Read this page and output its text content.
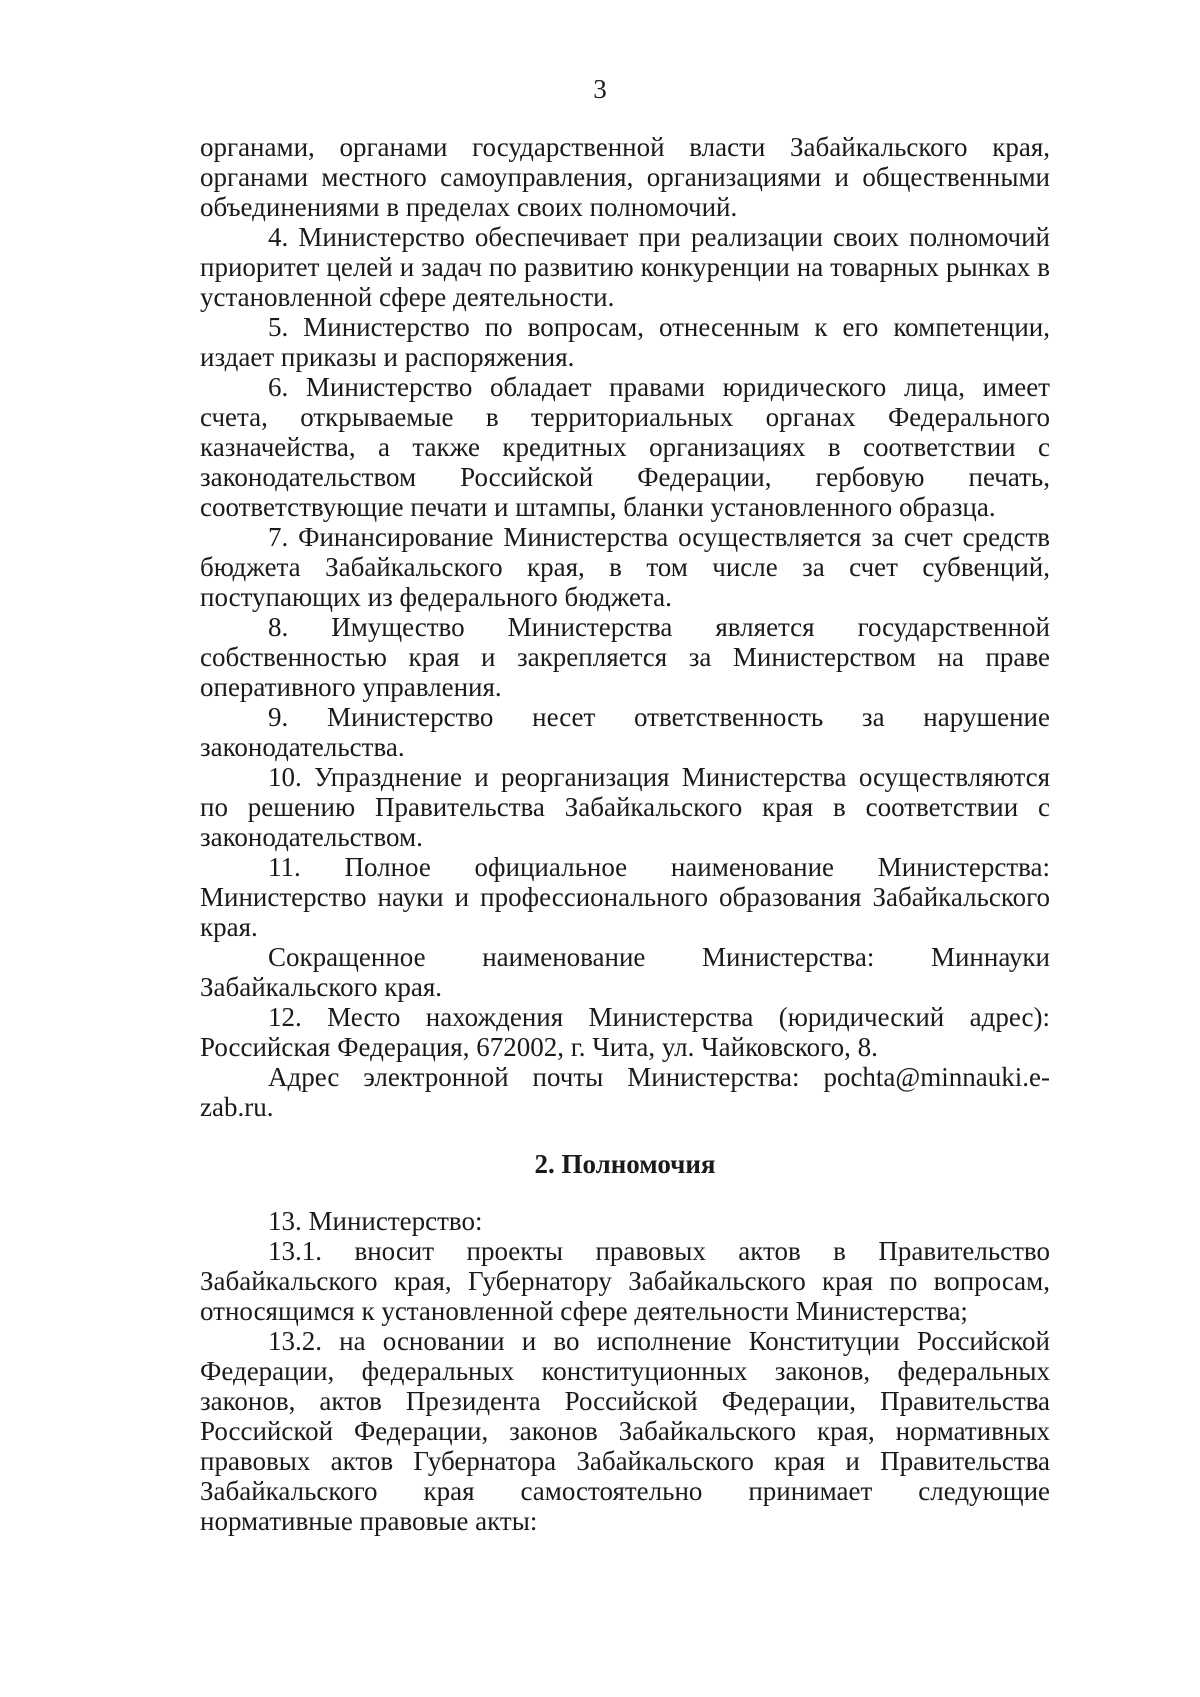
3

органами, органами государственной власти Забайкальского края, органами местного самоуправления, организациями и общественными объединениями в пределах своих полномочий.

4. Министерство обеспечивает при реализации своих полномочий приоритет целей и задач по развитию конкуренции на товарных рынках в установленной сфере деятельности.

5. Министерство по вопросам, отнесенным к его компетенции, издает приказы и распоряжения.

6. Министерство обладает правами юридического лица, имеет счета, открываемые в территориальных органах Федерального казначейства, а также кредитных организациях в соответствии с законодательством Российской Федерации, гербовую печать, соответствующие печати и штампы, бланки установленного образца.

7. Финансирование Министерства осуществляется за счет средств бюджета Забайкальского края, в том числе за счет субвенций, поступающих из федерального бюджета.

8. Имущество Министерства является государственной собственностью края и закрепляется за Министерством на праве оперативного управления.

9. Министерство несет ответственность за нарушение законодательства.

10. Упразднение и реорганизация Министерства осуществляются по решению Правительства Забайкальского края в соответствии с законодательством.

11. Полное официальное наименование Министерства: Министерство науки и профессионального образования Забайкальского края.

Сокращенное наименование Министерства: Миннауки Забайкальского края.

12. Место нахождения Министерства (юридический адрес): Российская Федерация, 672002, г. Чита, ул. Чайковского, 8.

Адрес электронной почты Министерства: pochta@minnauki.e-zab.ru.

2. Полномочия

13. Министерство:

13.1. вносит проекты правовых актов в Правительство Забайкальского края, Губернатору Забайкальского края по вопросам, относящимся к установленной сфере деятельности Министерства;

13.2. на основании и во исполнение Конституции Российской Федерации, федеральных конституционных законов, федеральных законов, актов Президента Российской Федерации, Правительства Российской Федерации, законов Забайкальского края, нормативных правовых актов Губернатора Забайкальского края и Правительства Забайкальского края самостоятельно принимает следующие нормативные правовые акты:
